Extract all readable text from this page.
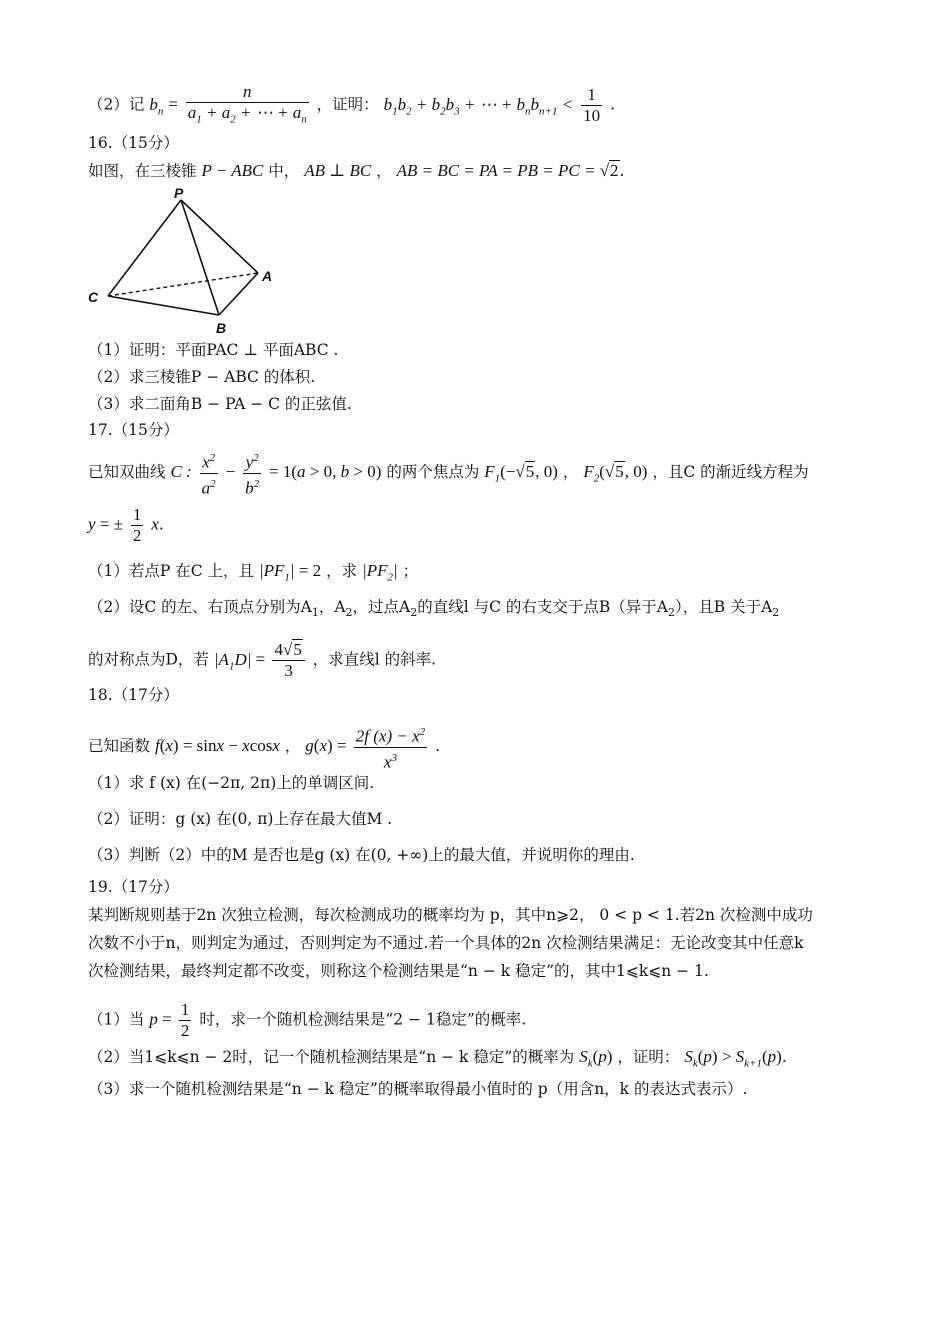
（2）记 $b_n = \frac{n}{a_1 + a_2 + \cdots + a_n}$ ，证明： $b_1b_2 + b_2b_3$ + ⋯ + $b_nb_{n+1} < \frac{1}{10}$ .
16.（15分）
如图，在三棱锥 P − ABC 中， AB ⊥ BC ， AB = BC = PA = PB = PC = √2.
P
A
B
C
（1）证明：平面PAC ⊥ 平面ABC .
（2）求三棱锥P − ABC 的体积.
（3）求二面角B − PA − C 的正弦值.
17.（15分）
已知双曲线 C : $\frac{x^2}{a^2} - \frac{y^2}{b^2} = 1(a > 0$, b > 0) 的两个焦点为 $F_1(-√5$, 0) ， $F_2(√5$, 0) ，且C 的渐近线方程为
y = ± $\frac{1}{2} x$.
（1）若点P 在C 上，且 $|PF_1| = 2$ ，求 $|PF_2|$ ；
（2）设C 的左、右顶点分别为$A_1$，$A_2$，过点$A_2$的直线l 与C 的右支交于点B（异于$A_2$），且B 关于$A_2$
的对称点为D，若 $|A_1D| = \frac{4√5}{3}$ ，求直线l 的斜率.
18.（17分）
已知函数 f(x) = sinx − xcosx ， $g(x) = \frac{2f (x) - x^2}{x^3}$ .
（1）求 f (x) 在(−2π, 2π)上的单调区间.
（2）证明：g (x) 在(0, π)上存在最大值M .
（3）判断（2）中的M 是否也是g (x) 在(0, +∞)上的最大值，并说明你的理由.
19.（17分）
某判断规则基于2n 次独立检测，每次检测成功的概率均为 p，其中n⩾2， 0 < p < 1.若2n 次检测中成功
次数不小于n，则判定为通过，否则判定为不通过.若一个具体的2n 次检测结果满足：无论改变其中任意k
次检测结果，最终判定都不改变，则称这个检测结果是“n − k 稳定”的，其中1⩽k⩽n − 1.
（1）当 $p = \frac{1}{2}$ 时，求一个随机检测结果是“2 − 1稳定”的概率.
（2）当1⩽k⩽n − 2时，记一个随机检测结果是“n − k 稳定”的概率为 $S_k(p)$ ，证明： $S_k(p) > S_{k+1}(p)$.
（3）求一个随机检测结果是“n − k 稳定”的概率取得最小值时的 p（用含n，k 的表达式表示）.
